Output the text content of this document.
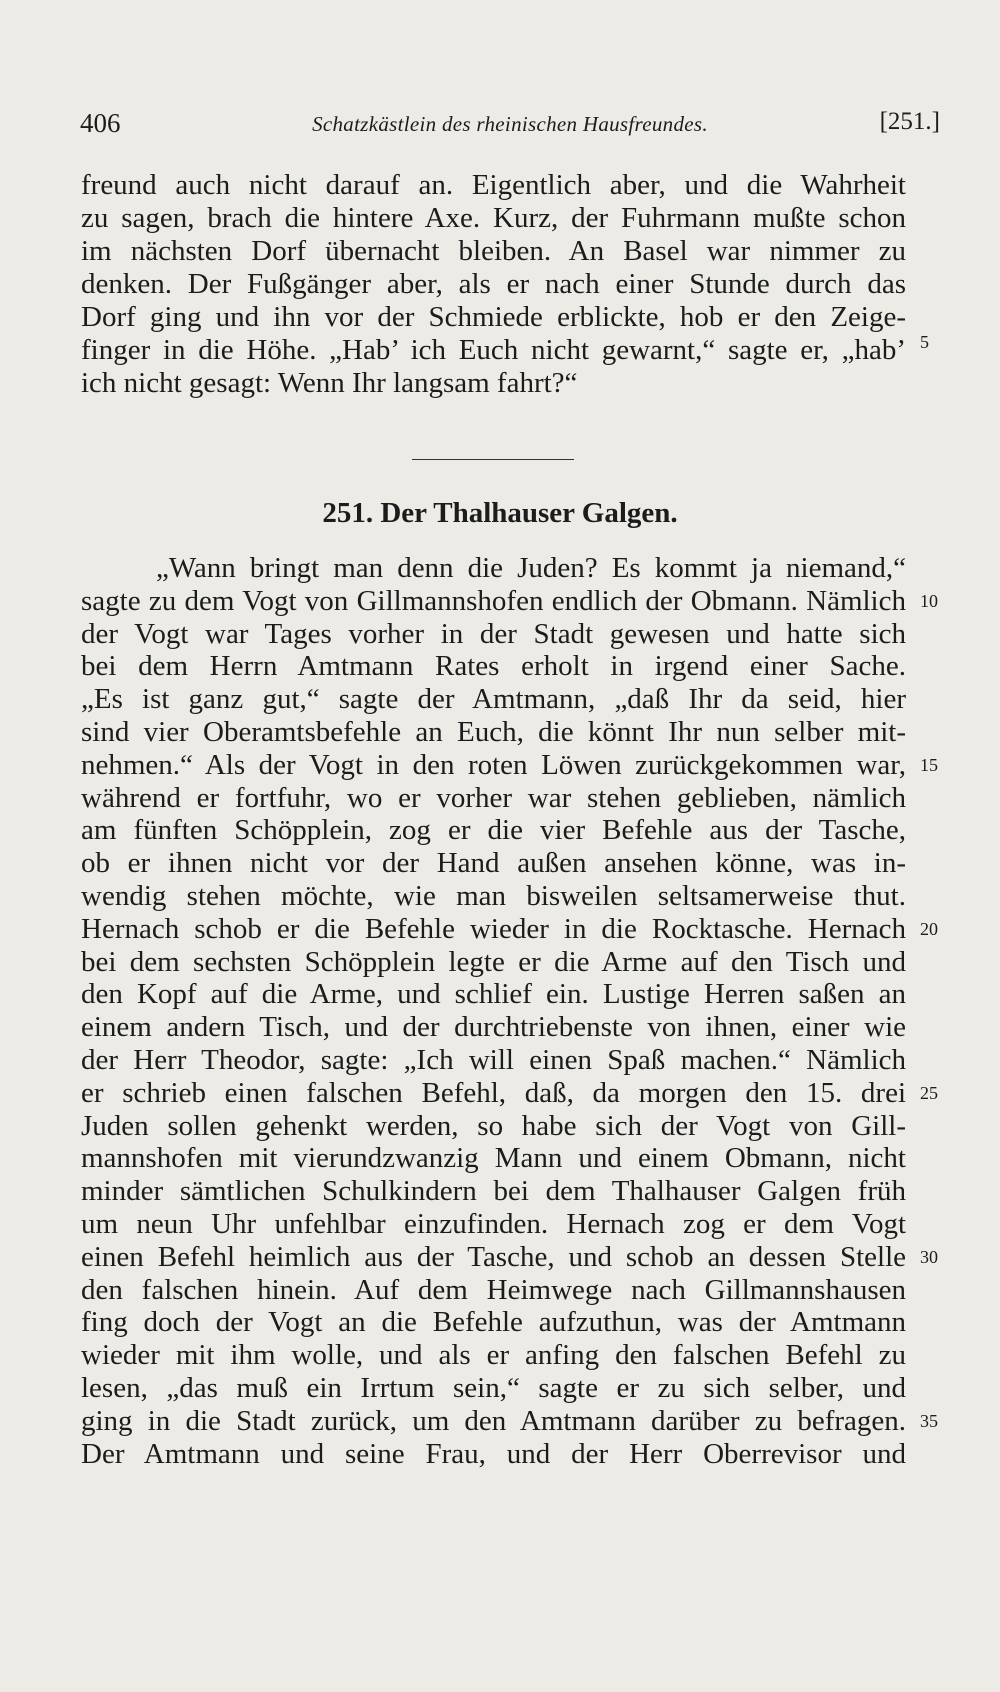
406	Schatzkästlein des rheinischen Hausfreundes.	[251.]
freund auch nicht darauf an. Eigentlich aber, und die Wahrheit
zu sagen, brach die hintere Axe. Kurz, der Fuhrmann mußte schon
im nächsten Dorf übernacht bleiben. An Basel war nimmer zu
denken. Der Fußgänger aber, als er nach einer Stunde durch das
Dorf ging und ihn vor der Schmiede erblickte, hob er den Zeige-
finger in die Höhe. „Hab’ ich Euch nicht gewarnt,“ sagte er, „hab’
ich nicht gesagt: Wenn Ihr langsam fahrt?“
5
251. Der Thalhauser Galgen.
„Wann bringt man denn die Juden? Es kommt ja niemand,“
sagte zu dem Vogt von Gillmannshofen endlich der Obmann. Nämlich
der Vogt war Tages vorher in der Stadt gewesen und hatte sich
bei dem Herrn Amtmann Rates erholt in irgend einer Sache.
„Es ist ganz gut,“ sagte der Amtmann, „daß Ihr da seid, hier
sind vier Oberamtsbefehle an Euch, die könnt Ihr nun selber mit-
nehmen.“ Als der Vogt in den roten Löwen zurückgekommen war,
während er fortfuhr, wo er vorher war stehen geblieben, nämlich
am fünften Schöpplein, zog er die vier Befehle aus der Tasche,
ob er ihnen nicht vor der Hand außen ansehen könne, was in-
wendig stehen möchte, wie man bisweilen seltsamerweise thut.
Hernach schob er die Befehle wieder in die Rocktasche. Hernach
bei dem sechsten Schöpplein legte er die Arme auf den Tisch und
den Kopf auf die Arme, und schlief ein. Lustige Herren saßen an
einem andern Tisch, und der durchtriebenste von ihnen, einer wie
der Herr Theodor, sagte: „Ich will einen Spaß machen.“ Nämlich
er schrieb einen falschen Befehl, daß, da morgen den 15. drei
Juden sollen gehenkt werden, so habe sich der Vogt von Gill-
mannshofen mit vierundzwanzig Mann und einem Obmann, nicht
minder sämtlichen Schulkindern bei dem Thalhauser Galgen früh
um neun Uhr unfehlbar einzufinden. Hernach zog er dem Vogt
einen Befehl heimlich aus der Tasche, und schob an dessen Stelle
den falschen hinein. Auf dem Heimwege nach Gillmannshausen
fing doch der Vogt an die Befehle aufzuthun, was der Amtmann
wieder mit ihm wolle, und als er anfing den falschen Befehl zu
lesen, „das muß ein Irrtum sein,“ sagte er zu sich selber, und
ging in die Stadt zurück, um den Amtmann darüber zu befragen.
Der Amtmann und seine Frau, und der Herr Oberrevisor und
10
15
20
25
30
35
